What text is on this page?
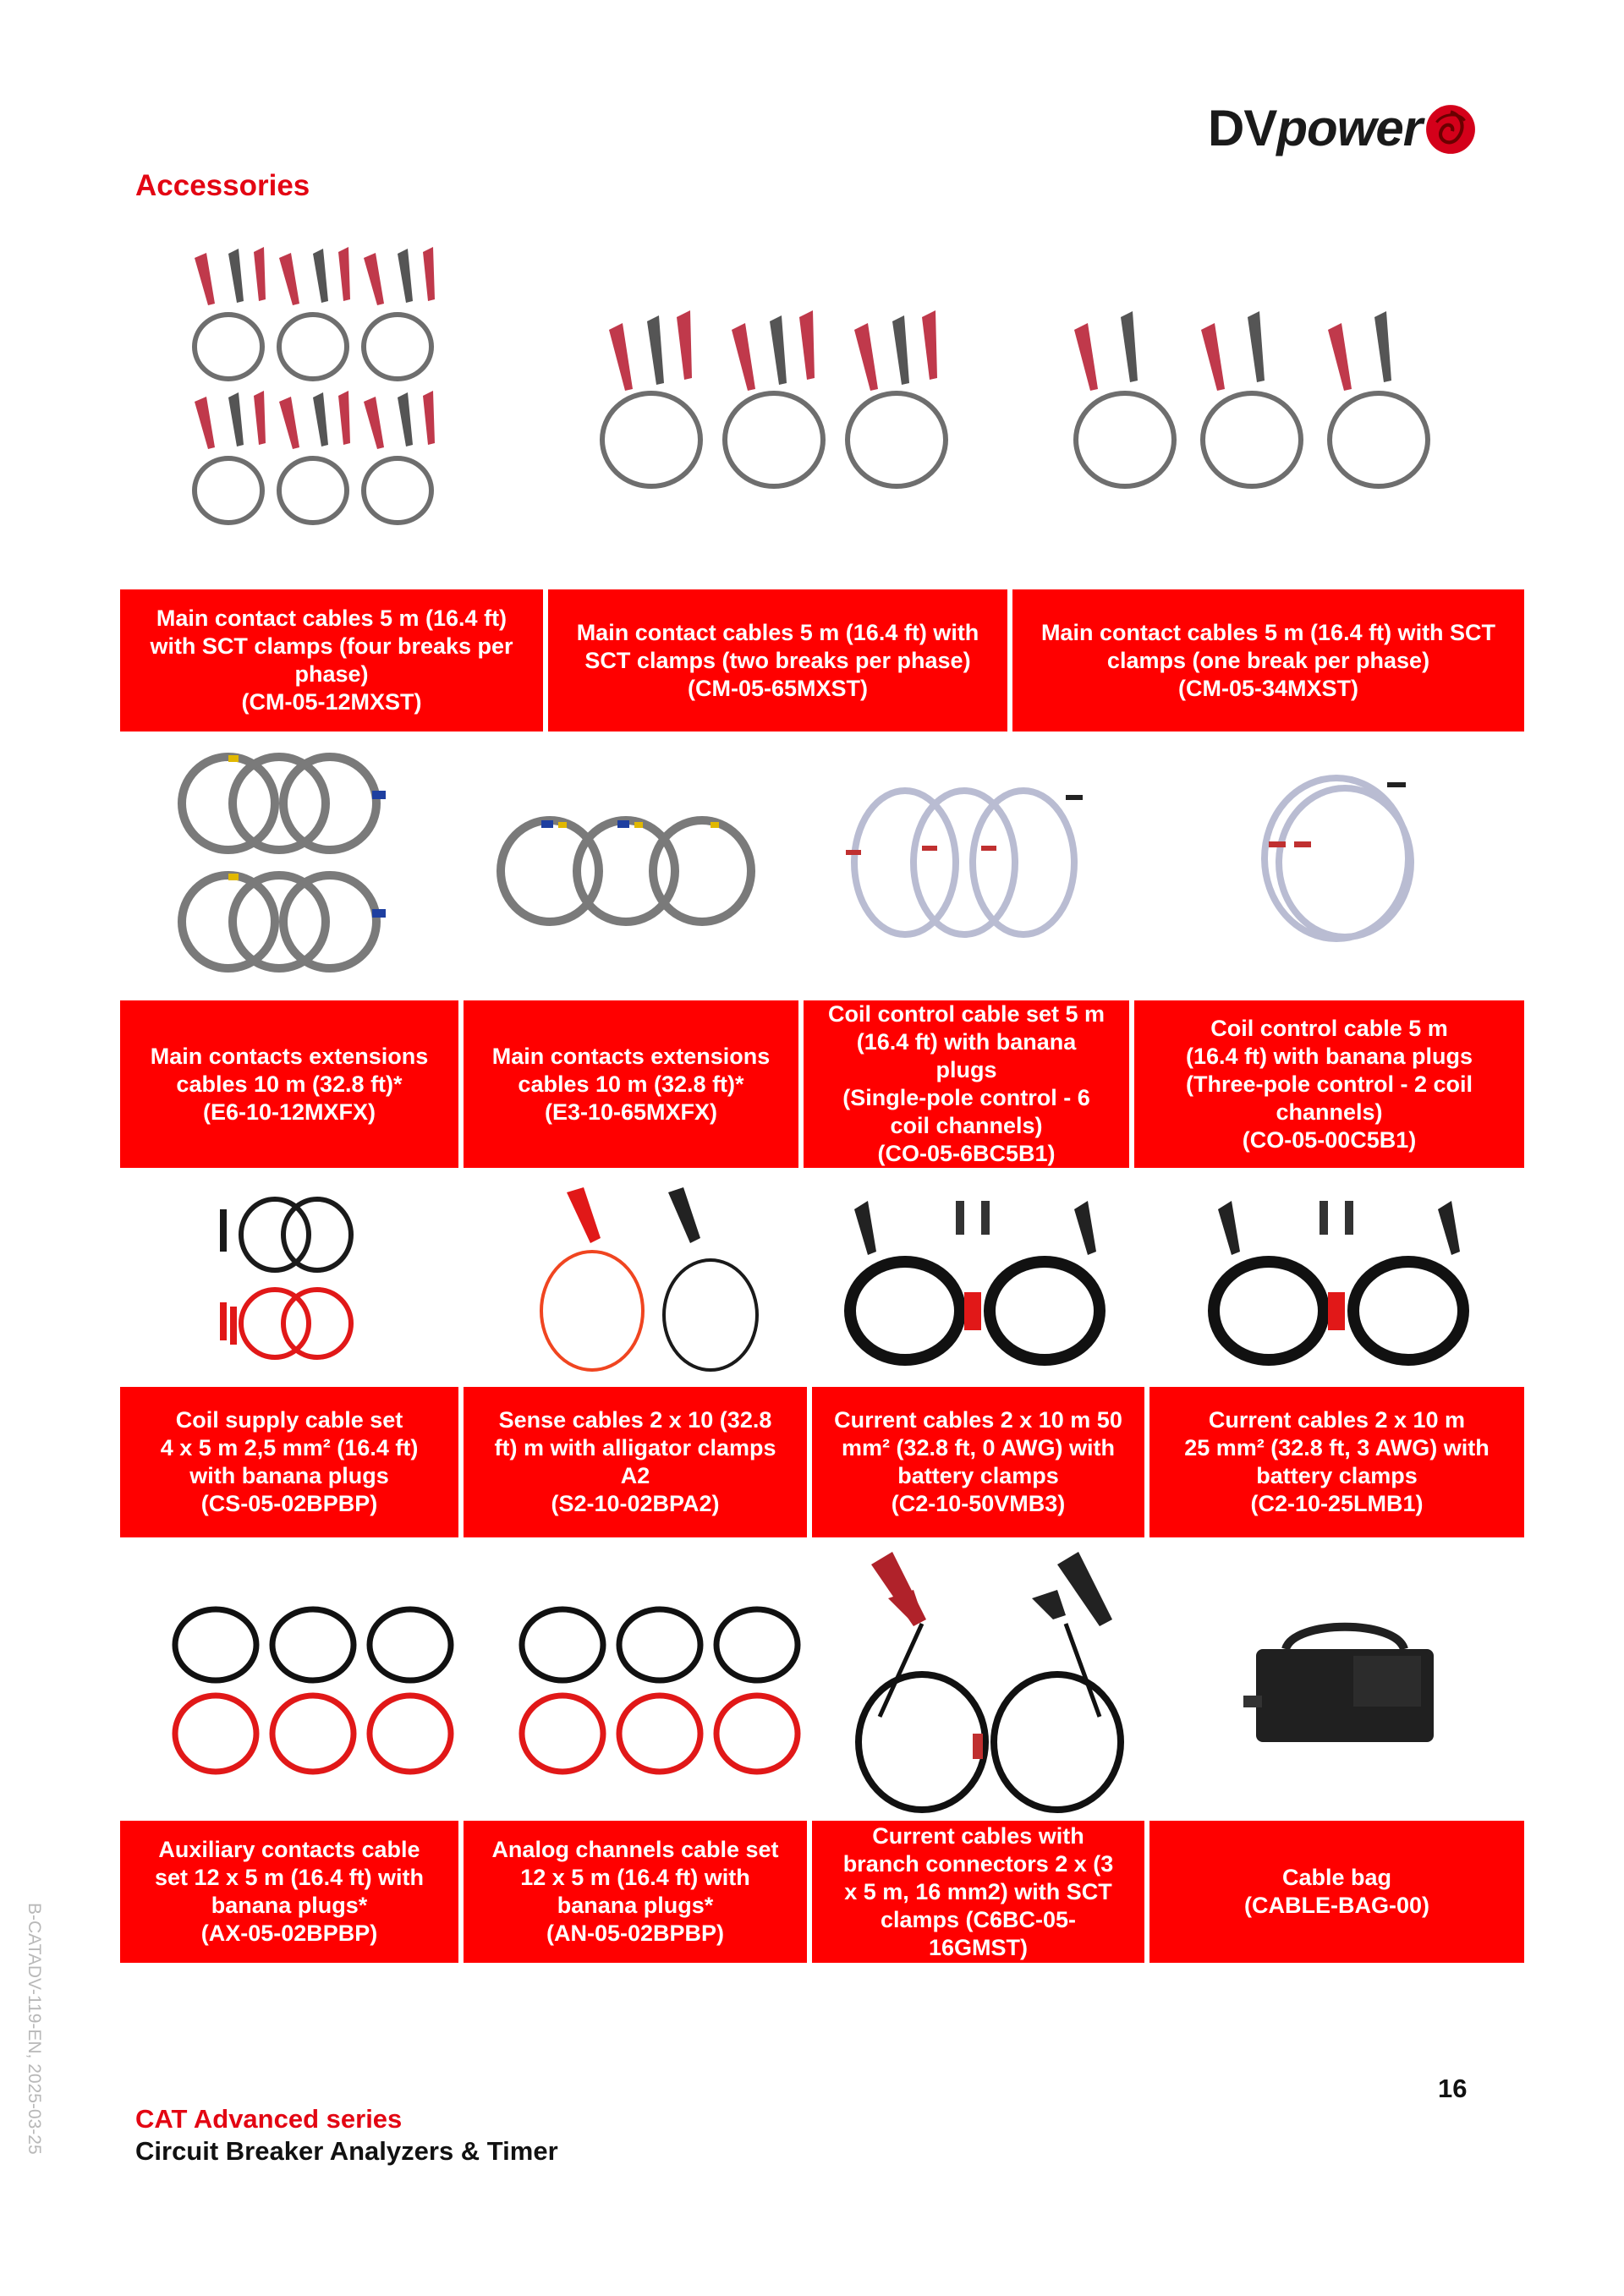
DVpower
Accessories
Main contact cables 5 m (16.4 ft)
with SCT clamps (four breaks per
phase)
(CM-05-12MXST)
Main contact cables 5 m (16.4 ft) with
SCT clamps (two breaks per phase)
(CM-05-65MXST)
Main contact cables 5 m (16.4 ft) with SCT
clamps (one break per phase)
(CM-05-34MXST)
Main contacts extensions
cables 10 m (32.8 ft)*
(E6-10-12MXFX)
Main contacts extensions
cables 10 m (32.8 ft)*
(E3-10-65MXFX)
Coil control cable set 5 m
(16.4 ft) with banana
plugs
(Single-pole control - 6
coil channels)
(CO-05-6BC5B1)
Coil control cable 5 m
(16.4 ft) with banana plugs
(Three-pole control - 2 coil
channels)
(CO-05-00C5B1)
Coil supply cable set
4 x 5 m 2,5 mm² (16.4 ft)
with banana plugs
(CS-05-02BPBP)
Sense cables 2 x 10 (32.8
ft) m with alligator clamps
A2
(S2-10-02BPA2)
Current cables 2 x 10 m 50
mm² (32.8 ft, 0 AWG) with
battery clamps
(C2-10-50VMB3)
Current cables 2 x 10 m
25 mm² (32.8 ft, 3 AWG) with
battery clamps
(C2-10-25LMB1)
Auxiliary contacts cable
set 12 x 5 m (16.4 ft) with
banana plugs*
(AX-05-02BPBP)
Analog channels cable set
12 x 5 m (16.4 ft) with
banana plugs*
(AN-05-02BPBP)
Current cables with
branch connectors 2 x (3
x 5 m, 16 mm2) with SCT
clamps (C6BC-05-
16GMST)
Cable bag
(CABLE-BAG-00)
16
CAT Advanced series
Circuit Breaker Analyzers & Timer
B-CATADV-119-EN, 2025-03-25
